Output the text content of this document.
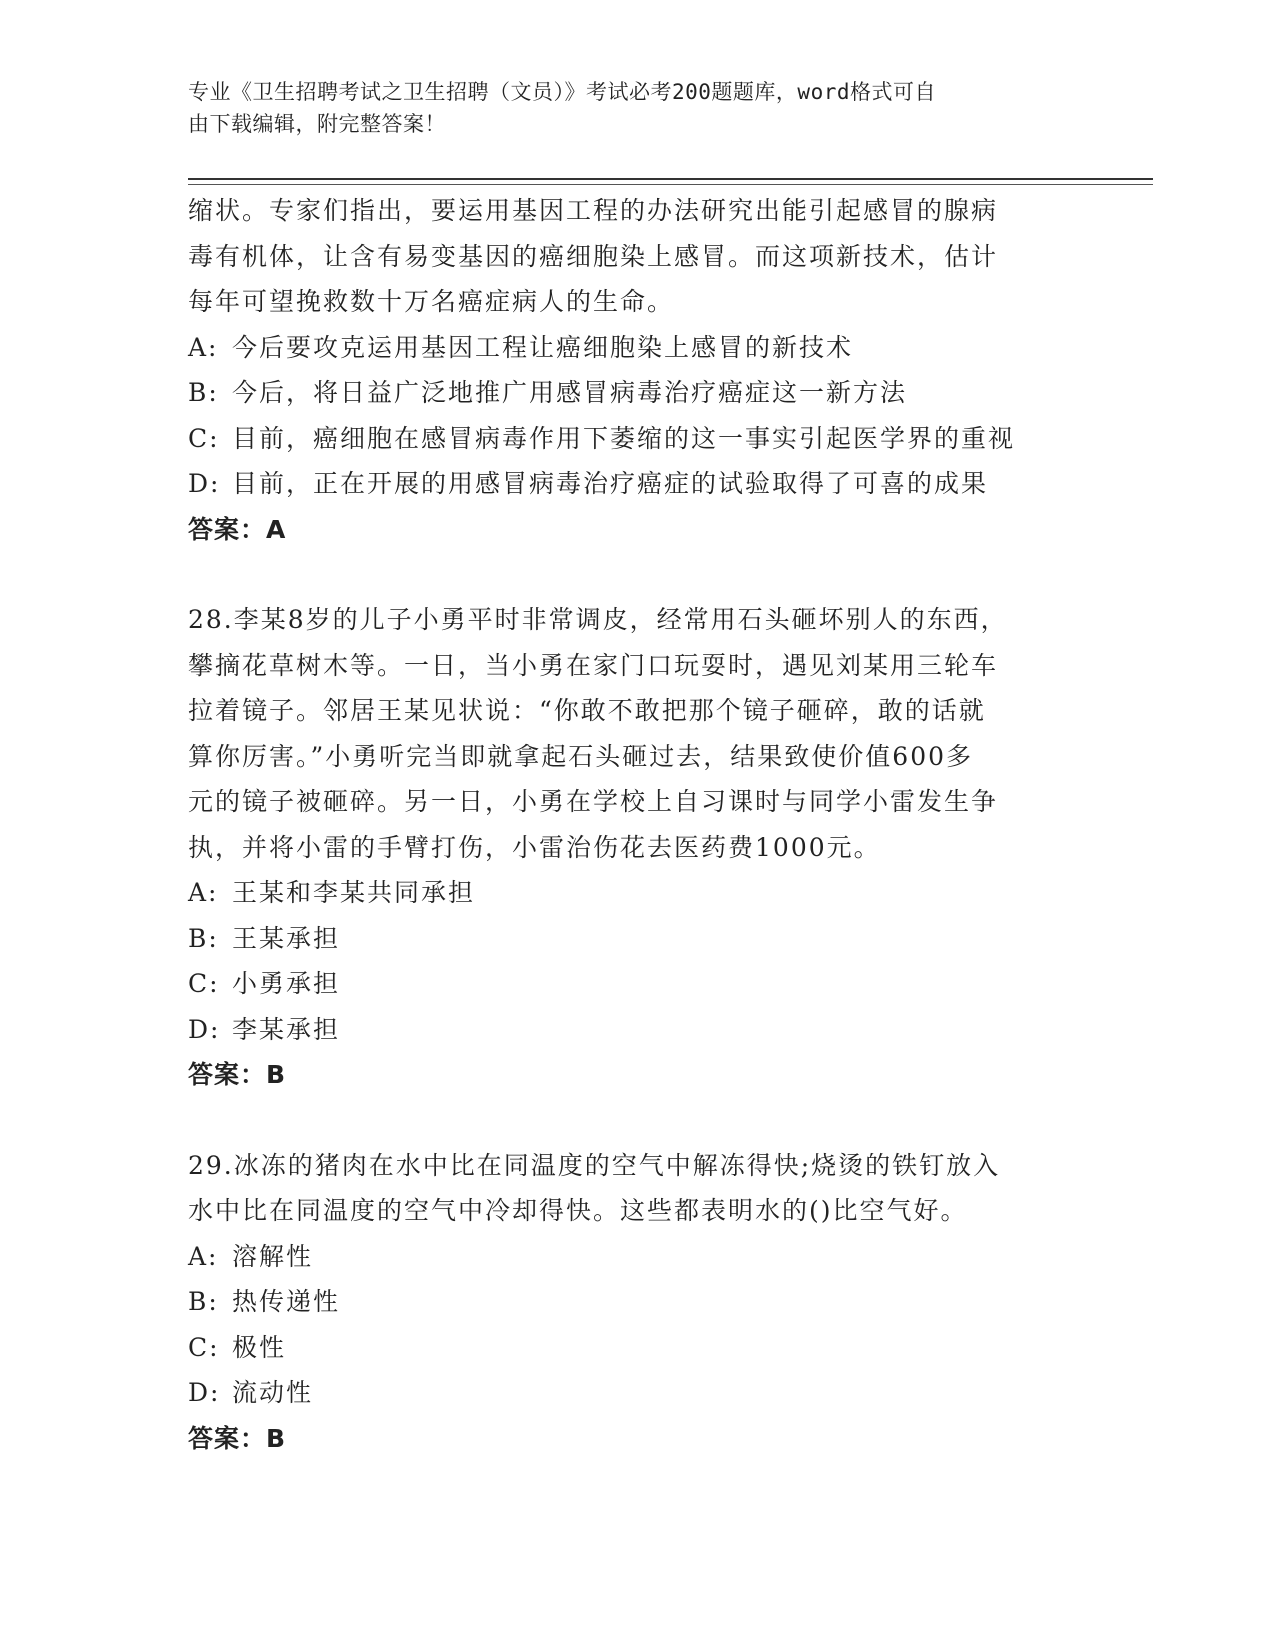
专业《卫生招聘考试之卫生招聘（文员）》考试必考200题题库，word格式可自
由下载编辑，附完整答案！

缩状。专家们指出，要运用基因工程的办法研究出能引起感冒的腺病

毒有机体，让含有易变基因的癌细胞染上感冒。而这项新技术，估计

每年可望挽救数十万名癌症病人的生命。

A: 今后要攻克运用基因工程让癌细胞染上感冒的新技术

B: 今后，将日益广泛地推广用感冒病毒治疗癌症这一新方法

C: 目前，癌细胞在感冒病毒作用下萎缩的这一事实引起医学界的重视

D: 目前，正在开展的用感冒病毒治疗癌症的试验取得了可喜的成果

答案：A

28.李某8岁的儿子小勇平时非常调皮，经常用石头砸坏别人的东西，

攀摘花草树木等。一日，当小勇在家门口玩耍时，遇见刘某用三轮车

拉着镜子。邻居王某见状说：“你敢不敢把那个镜子砸碎，敢的话就

算你厉害。”小勇听完当即就拿起石头砸过去，结果致使价值600多

元的镜子被砸碎。另一日，小勇在学校上自习课时与同学小雷发生争

执，并将小雷的手臂打伤，小雷治伤花去医药费1000元。

A: 王某和李某共同承担

B: 王某承担

C: 小勇承担

D: 李某承担

答案：B

29.冰冻的猪肉在水中比在同温度的空气中解冻得快;烧烫的铁钉放入

水中比在同温度的空气中冷却得快。这些都表明水的()比空气好。

A: 溶解性

B: 热传递性

C: 极性

D: 流动性

答案：B
